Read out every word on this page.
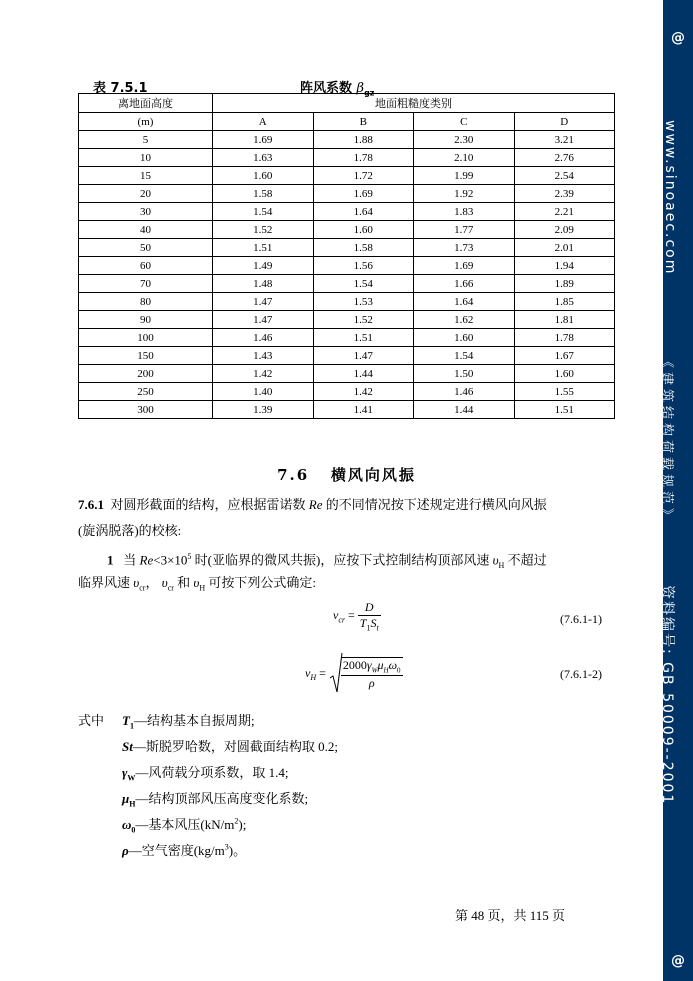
@
www.sinoaec.com
《建筑结构荷载规范》
资料编号: GB 50009--2001
@
表 7.5.1	阵风系数 $\beta_{gz}$
离地面高度	地面粗糙度类别			
(m)	A	B	C	D
5	1.69	1.88	2.30	3.21
10	1.63	1.78	2.10	2.76
15	1.60	1.72	1.99	2.54
20	1.58	1.69	1.92	2.39
30	1.54	1.64	1.83	2.21
40	1.52	1.60	1.77	2.09
50	1.51	1.58	1.73	2.01
60	1.49	1.56	1.69	1.94
70	1.48	1.54	1.66	1.89
80	1.47	1.53	1.64	1.85
90	1.47	1.52	1.62	1.81
100	1.46	1.51	1.60	1.78
150	1.43	1.47	1.54	1.67
200	1.42	1.44	1.50	1.60
250	1.40	1.42	1.46	1.55
300	1.39	1.41	1.44	1.51
7.6 横风向风振
7.6.1 对圆形截面的结构，应根据雷诺数 Re 的不同情况按下述规定进行横风向风振
(旋涡脱落)的校核:
1 当 $Re<3\times 10^5$ 时(亚临界的微风共振)，应按下式控制结构顶部风速 $\upsilon_H$ 不超过
临界风速 $\upsilon_{cr}$， $\upsilon_{cr}$ 和 $\upsilon_H$ 可按下列公式确定:
$v_{cr} = \frac{D}{T_1S_t}$	(7.6.1-1)
$v_H = \frac{2000\gamma_W\mu_H\omega_0}{\rho}$	(7.6.1-2)
式中 $T_1—$结构基本自振周期;
St—斯脱罗哈数，对圆截面结构取 0.2;
$\gamma_W—$风荷载分项系数，取 1.4;
$\mu_H—$结构顶部风压高度变化系数;
$\omega_0—$基本风压$(kN/m^2)$;
ρ—空气密度$(kg/m^3)$。
第 48 页，共 115 页
